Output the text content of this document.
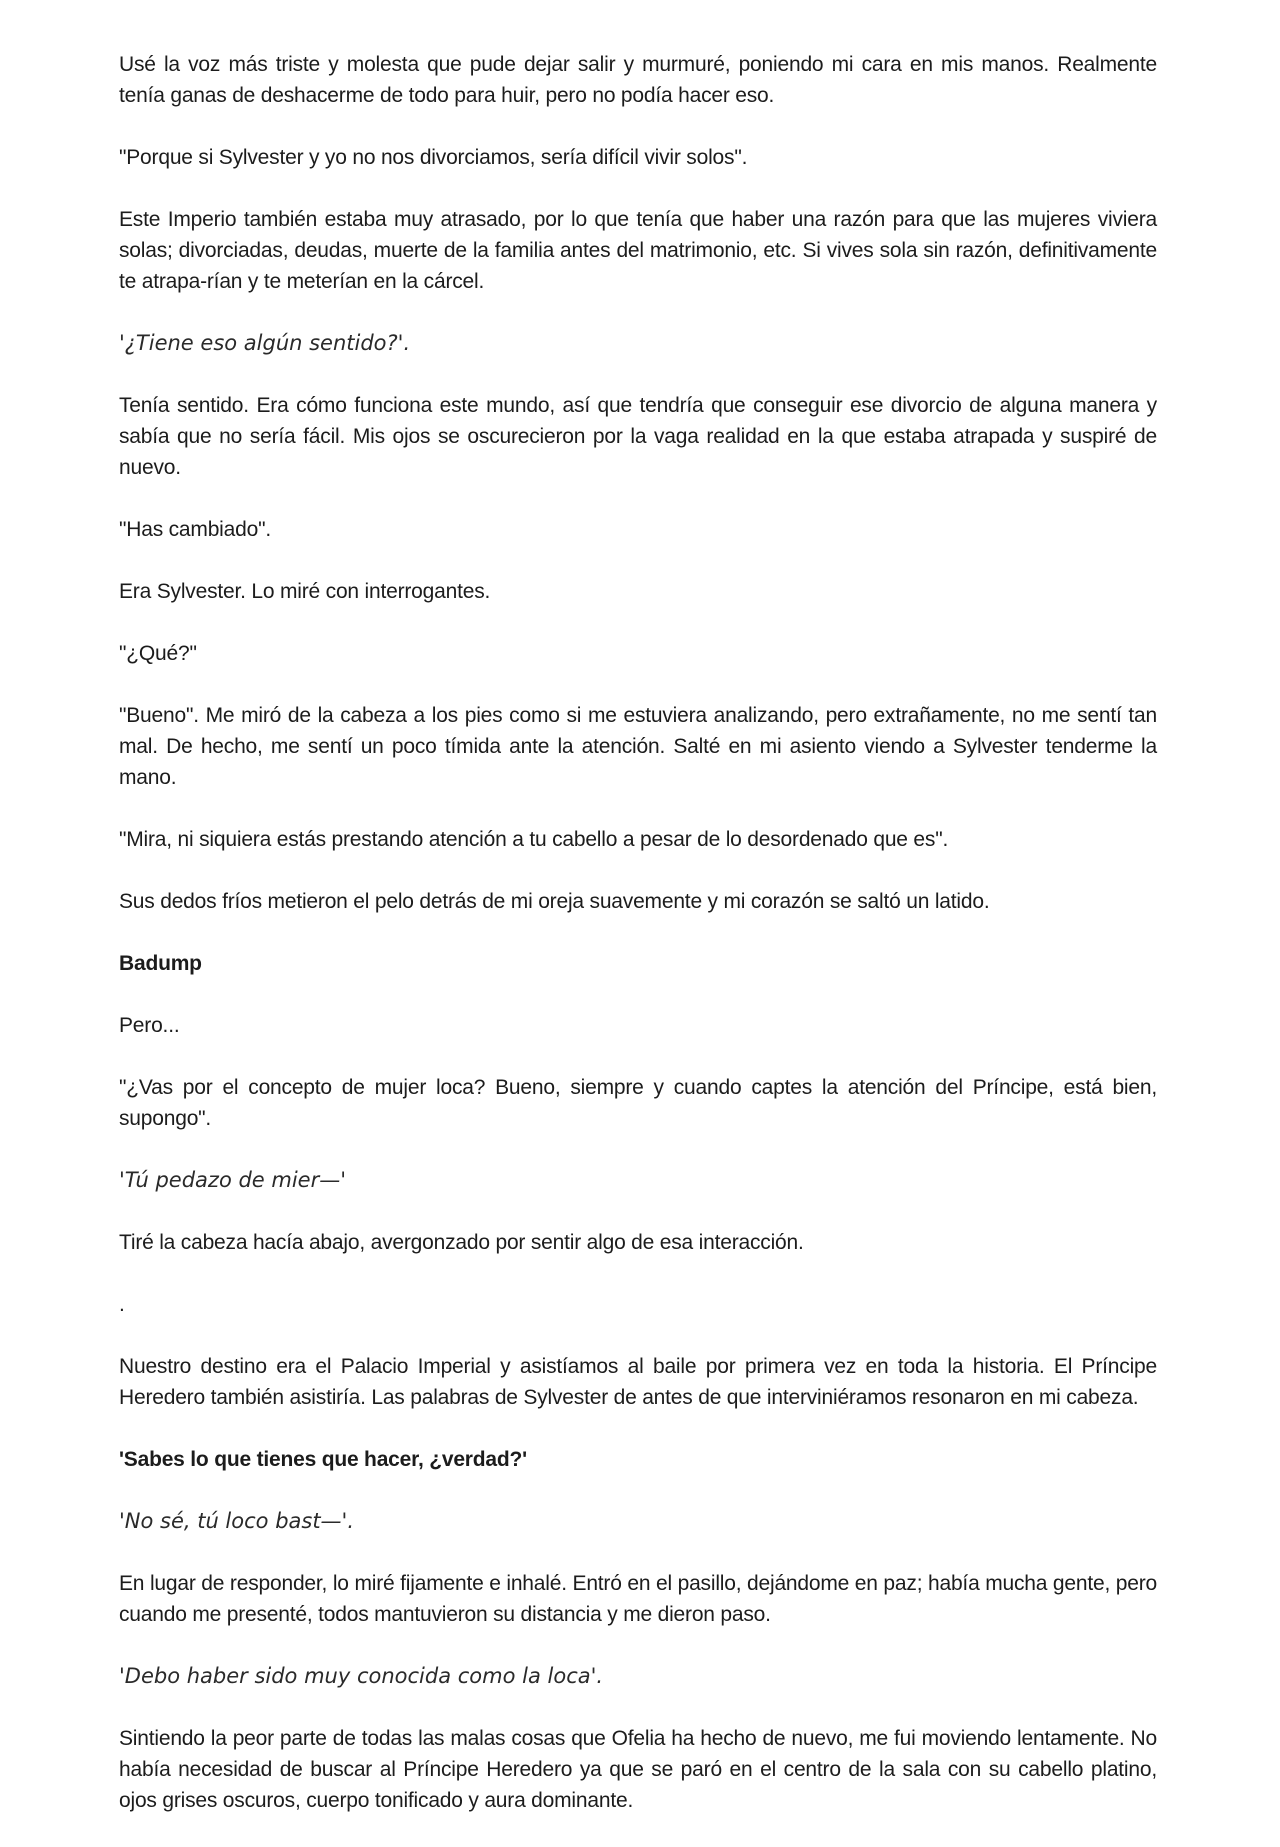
Usé la voz más triste y molesta que pude dejar salir y murmuré, poniendo mi cara en mis manos. Realmente tenía ganas de deshacerme de todo para huir, pero no podía hacer eso.

"Porque si Sylvester y yo no nos divorciamos, sería difícil vivir solos".

Este Imperio también estaba muy atrasado, por lo que tenía que haber una razón para que las mujeres viviera solas; divorciadas, deudas, muerte de la familia antes del matrimonio, etc. Si vives sola sin razón, definitivamente te atrapa-rían y te meterían en la cárcel.

'¿Tiene eso algún sentido?'.

Tenía sentido. Era cómo funciona este mundo, así que tendría que conseguir ese divorcio de alguna manera y sabía que no sería fácil. Mis ojos se oscurecieron por la vaga realidad en la que estaba atrapada y suspiré de nuevo.

"Has cambiado".

Era Sylvester. Lo miré con interrogantes.

"¿Qué?"

"Bueno". Me miró de la cabeza a los pies como si me estuviera analizando, pero extrañamente, no me sentí tan mal. De hecho, me sentí un poco tímida ante la atención. Salté en mi asiento viendo a Sylvester tenderme la mano.

"Mira, ni siquiera estás prestando atención a tu cabello a pesar de lo desordenado que es".

Sus dedos fríos metieron el pelo detrás de mi oreja suavemente y mi corazón se saltó un latido.

Badump

Pero...

"¿Vas por el concepto de mujer loca? Bueno, siempre y cuando captes la atención del Príncipe, está bien, supongo".

'Tú pedazo de mier—'

Tiré la cabeza hacía abajo, avergonzado por sentir algo de esa interacción.

.

Nuestro destino era el Palacio Imperial y asistíamos al baile por primera vez en toda la historia. El Príncipe Heredero también asistiría. Las palabras de Sylvester de antes de que interviniéramos resonaron en mi cabeza.

'Sabes lo que tienes que hacer, ¿verdad?'

'No sé, tú loco bast—'.

En lugar de responder, lo miré fijamente e inhalé. Entró en el pasillo, dejándome en paz; había mucha gente, pero cuando me presenté, todos mantuvieron su distancia y me dieron paso.

'Debo haber sido muy conocida como la loca'.

Sintiendo la peor parte de todas las malas cosas que Ofelia ha hecho de nuevo, me fui moviendo lentamente. No había necesidad de buscar al Príncipe Heredero ya que se paró en el centro de la sala con su cabello platino, ojos grises oscuros, cuerpo tonificado y aura dominante.
